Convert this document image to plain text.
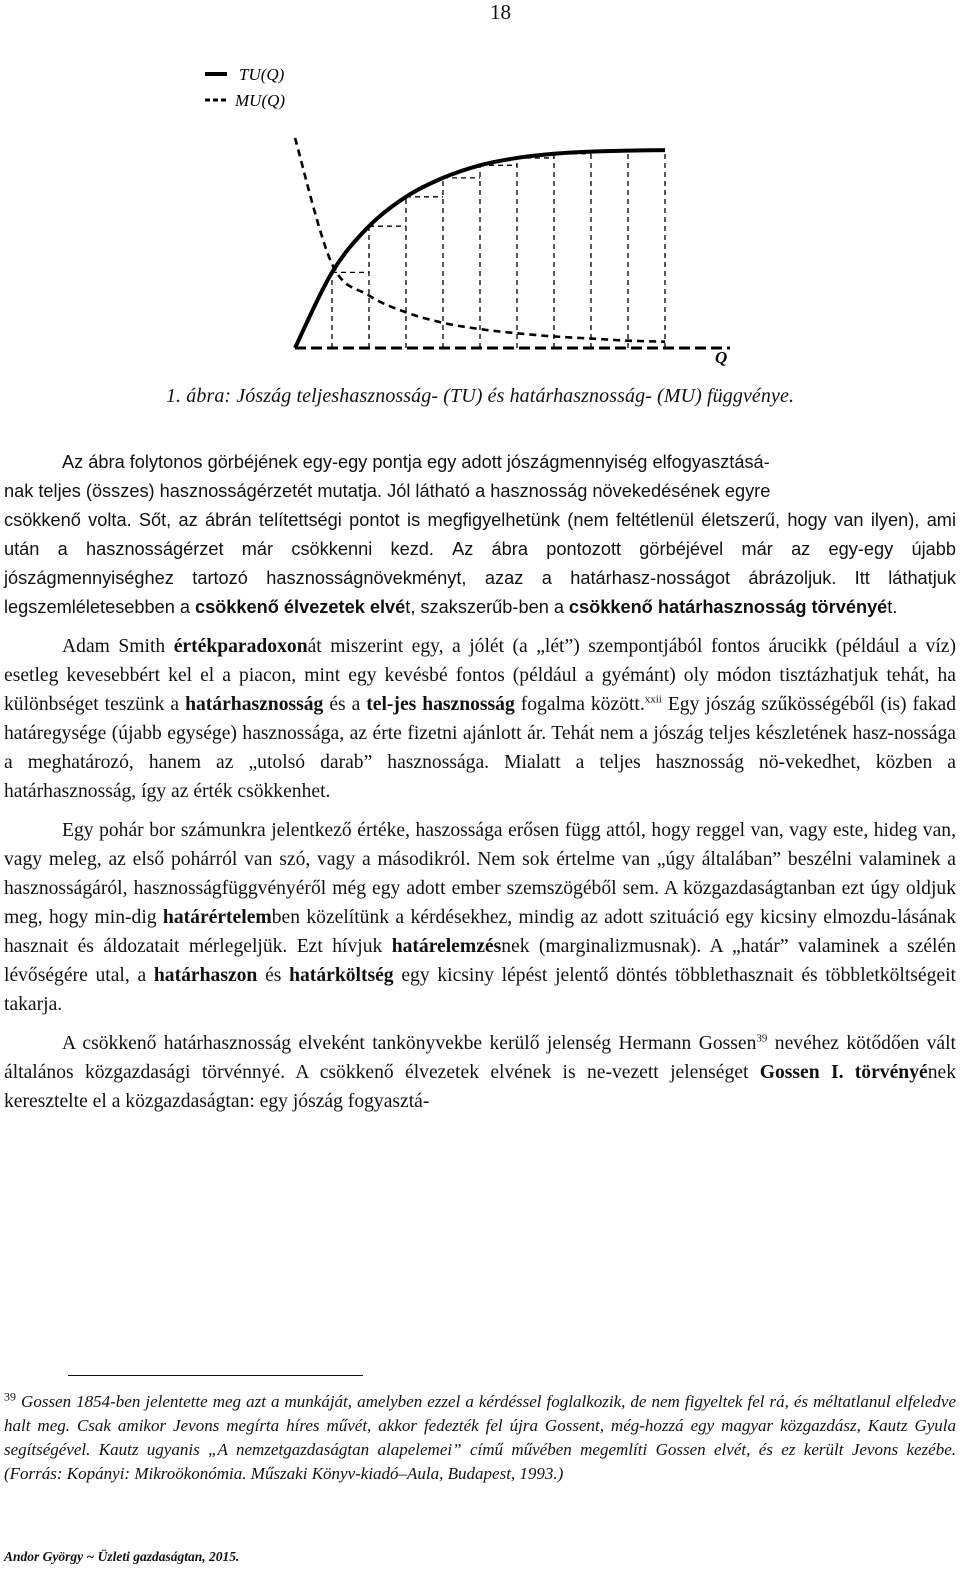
18
TU(Q)
MU(Q)
Q
1. ábra: Jószág teljeshasznosság- (TU) és határhasznosság- (MU) függvénye.

Az ábra folytonos görbéjének egy-egy pontja egy adott jószágmennyiség elfogyasztásá-
nak teljes (összes) hasznosságérzetét mutatja. Jól látható a hasznosság növekedésének egyre
csökkenő volta. Sőt, az ábrán telítettségi pontot is megfigyelhetünk (nem feltétlenül életszerű, hogy van ilyen), ami után a hasznosságérzet már csökkenni kezd. Az ábra pontozott görbéjével már az egy-egy újabb jószágmennyiséghez tartozó hasznosságnövekményt, azaz a határhasz-nosságot ábrázoljuk. Itt láthatjuk legszemléletesebben a csökkenő élvezetek elvét, szakszerűb-ben a csökkenő határhasznosság törvényét.

Adam Smith értékparadoxonát miszerint egy, a jólét (a „lét”) szempontjából fontos árucikk (például a víz) esetleg kevesebbért kel el a piacon, mint egy kevésbé fontos (például a gyémánt) oly módon tisztázhatjuk tehát, ha különbséget teszünk a határhasznosság és a tel-jes hasznosság fogalma között.$^{xxii}$ Egy jószág szűkösségéből (is) fakad határegysége (újabb egysége) hasznossága, az érte fizetni ajánlott ár. Tehát nem a jószág teljes készletének hasz-nossága a meghatározó, hanem az „utolsó darab” hasznossága. Mialatt a teljes hasznosság nö-vekedhet, közben a határhasznosság, így az érték csökkenhet.

Egy pohár bor számunkra jelentkező értéke, haszossága erősen függ attól, hogy reggel van, vagy este, hideg van, vagy meleg, az első pohárról van szó, vagy a másodikról. Nem sok értelme van „úgy általában” beszélni valaminek a hasznosságáról, hasznosságfüggvényéről még egy adott ember szemszögéből sem. A közgazdaságtanban ezt úgy oldjuk meg, hogy min-dig határértelemben közelítünk a kérdésekhez, mindig az adott szituáció egy kicsiny elmozdu-lásának hasznait és áldozatait mérlegeljük. Ezt hívjuk határelemzésnek (marginalizmusnak). A „határ” valaminek a szélén lévőségére utal, a határhaszon és határköltség egy kicsiny lépést jelentő döntés többlethasznait és többletköltségeit takarja.

A csökkenő határhasznosság elveként tankönyvekbe kerülő jelenség Hermann Gossen$^{39}$ nevéhez kötődően vált általános közgazdasági törvénnyé. A csökkenő élvezetek elvének is ne-vezett jelenséget Gossen I. törvényének keresztelte el a közgazdaságtan: egy jószág fogyasztá-

$^{39}$ Gossen 1854-ben jelentette meg azt a munkáját, amelyben ezzel a kérdéssel foglalkozik, de nem figyeltek fel rá, és méltatlanul elfeledve halt meg. Csak amikor Jevons megírta híres művét, akkor fedezték fel újra Gossent, még-hozzá egy magyar közgazdász, Kautz Gyula segítségével. Kautz ugyanis „A nemzetgazdaságtan alapelemei” című művében megemlíti Gossen elvét, és ez került Jevons kezébe. (Forrás: Kopányi: Mikroökonómia. Műszaki Könyv-kiadó–Aula, Budapest, 1993.)
Andor György ~ Üzleti gazdaságtan, 2015.
